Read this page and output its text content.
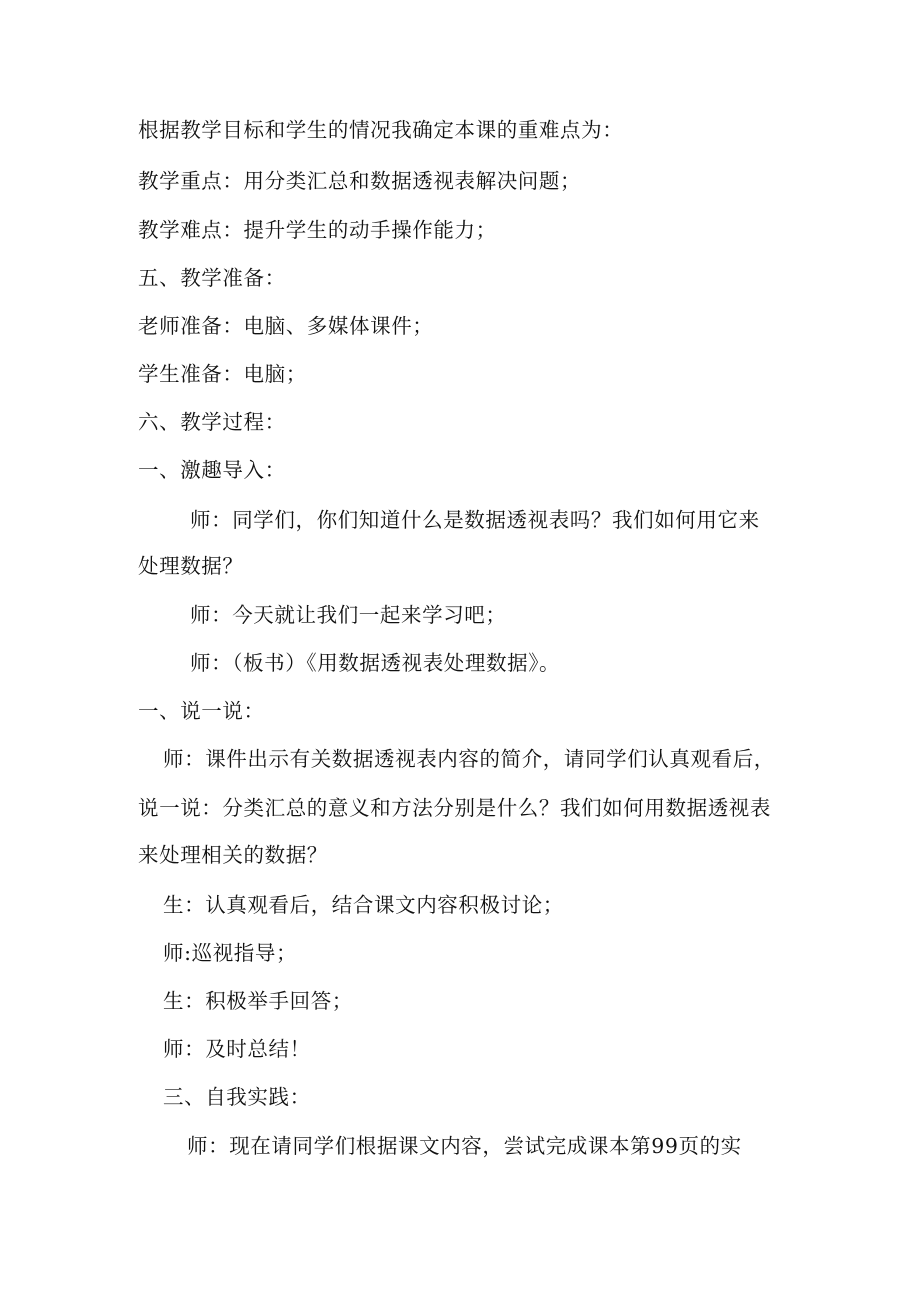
根据教学目标和学生的情况我确定本课的重难点为：
教学重点：用分类汇总和数据透视表解决问题；
教学难点：提升学生的动手操作能力；
五、教学准备：
老师准备：电脑、多媒体课件；
学生准备：电脑；
六、教学过程：
一、激趣导入：
师：同学们，你们知道什么是数据透视表吗？我们如何用它来
处理数据？
师：今天就让我们一起来学习吧；
师：（板书）《用数据透视表处理数据》。
一、说一说：
师：课件出示有关数据透视表内容的简介，请同学们认真观看后，
说一说：分类汇总的意义和方法分别是什么？我们如何用数据透视表
来处理相关的数据？
生：认真观看后，结合课文内容积极讨论；
师:巡视指导；
生：积极举手回答；
师：及时总结！
三、自我实践：
师：现在请同学们根据课文内容，尝试完成课本第99页的实
